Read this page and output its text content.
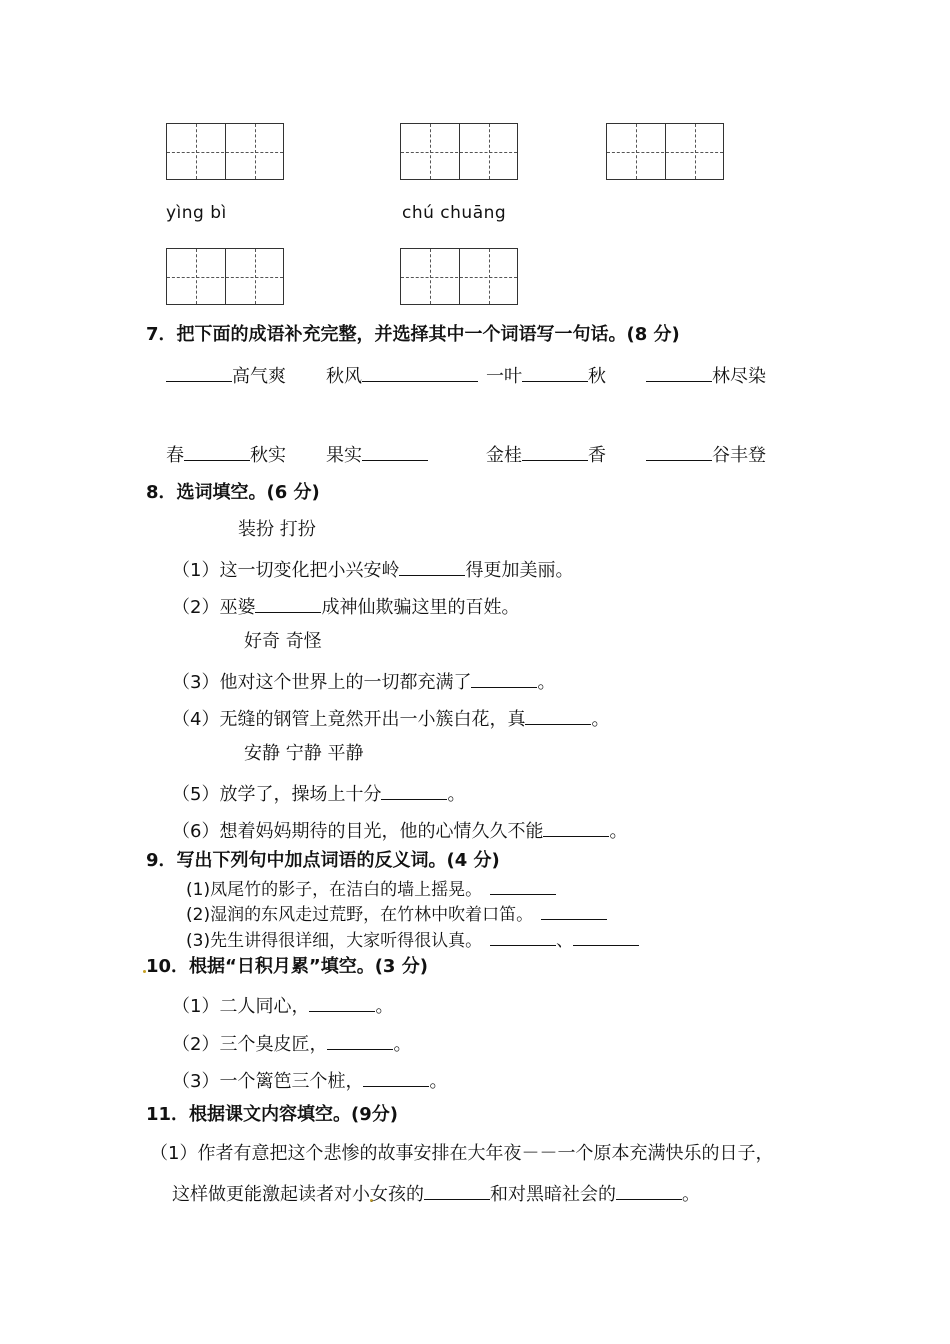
yìng bì	chú chuāng
7．把下面的成语补充完整，并选择其中一个词语写一句话。(8 分)
高气爽 秋风	一叶	秋	林尽染
春	秋实 果实	金桂	香	谷丰登
8．选词填空。(6 分)
装扮 打扮
（1）这一切变化把小兴安岭	得更加美丽。
（2）巫婆	成神仙欺骗这里的百姓。
好奇 奇怪
（3）他对这个世界上的一切都充满了	。
（4）无缝的钢管上竟然开出一小簇白花，真	。
安静 宁静 平静
（5）放学了，操场上十分	。
（6）想着妈妈期待的目光，他的心情久久不能	。
9．写出下列句中加点词语的反义词。(4 分)
(1)凤尾竹的影子，在洁白的墙上摇晃。
(2)湿润的东风走过荒野，在竹林中吹着口笛。
(3)先生讲得很详细，大家听得很认真。	、
10．根据“日积月累”填空。(3 分)
（1）二人同心，	。
（2）三个臭皮匠，	。
（3）一个篱笆三个桩，	。
11．根据课文内容填空。(9分)
（1）作者有意把这个悲惨的故事安排在大年夜－－一个原本充满快乐的日子，
这样做更能激起读者对小女孩的	和对黑暗社会的	。
